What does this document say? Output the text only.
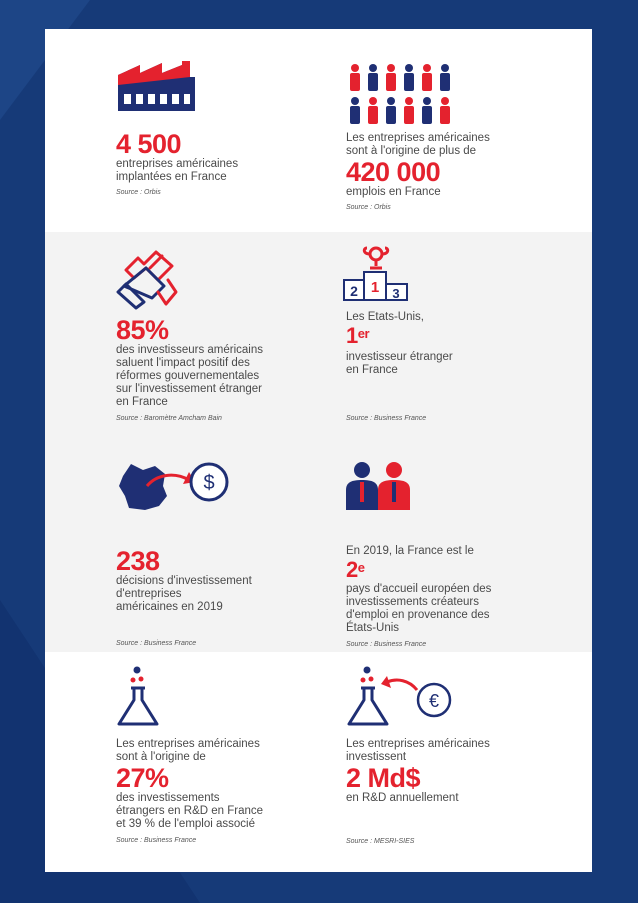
4 500
entreprises américaines
implantées en France
Source : Orbis
Les entreprises américaines
sont à l'origine de plus de
420 000
emplois en France
Source : Orbis
85%
des investisseurs américains
saluent l'impact positif des
réformes gouvernementales
sur l'investissement étranger
en France
Source : Baromètre Amcham Bain
2 1 3
Les Etats-Unis,
1er
investisseur étranger
en France
Source : Business France
$
238
décisions d'investissement
d'entreprises
américaines en 2019
Source : Business France
En 2019, la France est le
2e
pays d'accueil européen des
investissements créateurs
d'emploi en provenance des
États-Unis
Source : Business France
Les entreprises américaines
sont à l'origine de
27%
des investissements
étrangers en R&D en France
et 39 % de l'emploi associé
Source : Business France
€
Les entreprises américaines
investissent
2 Md$
en R&D annuellement
Source : MESRI-SIES
